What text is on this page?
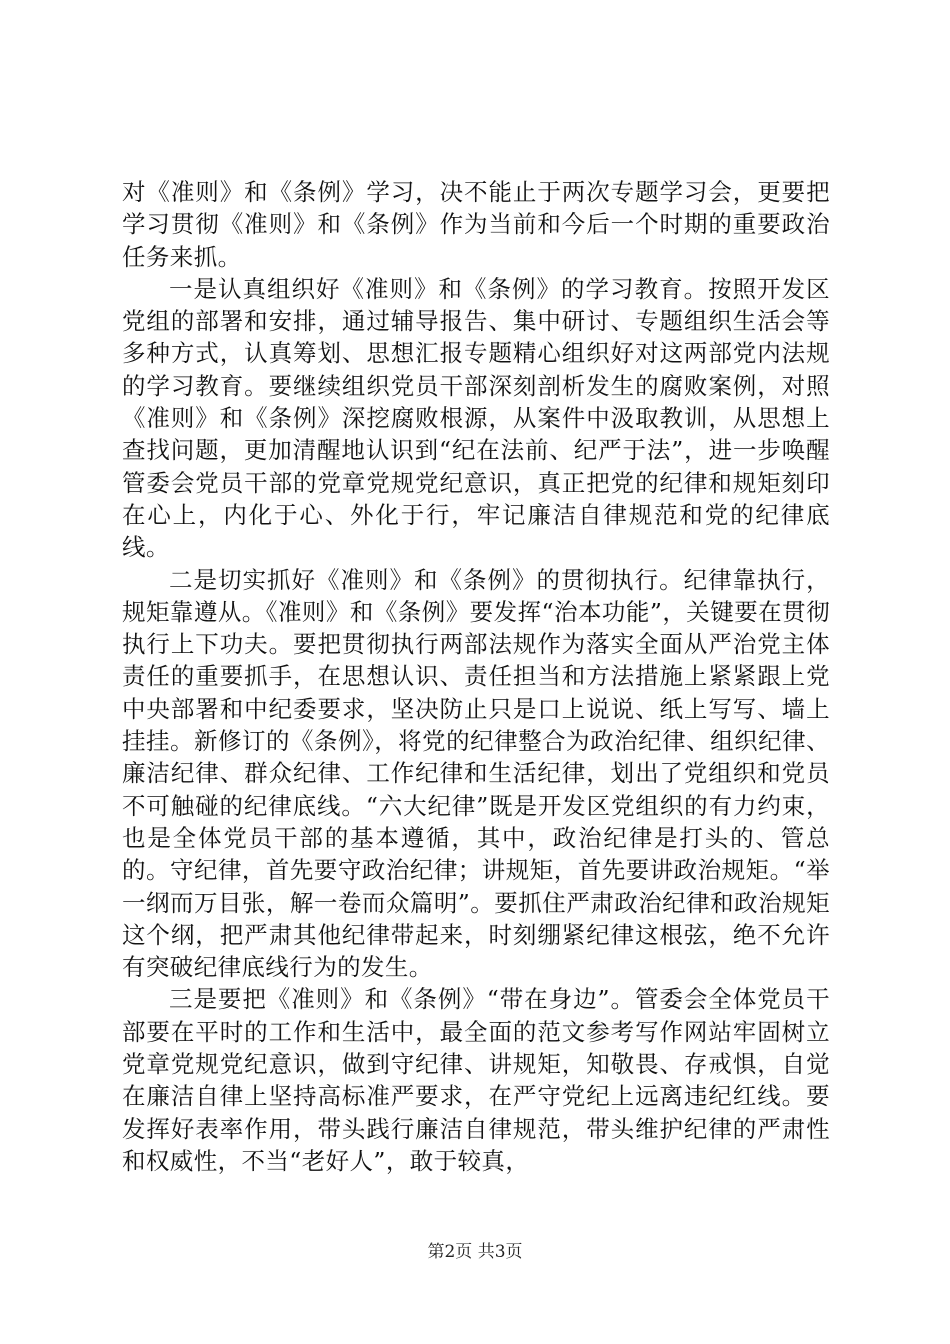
对《准则》和《条例》学习，决不能止于两次专题学习会，更要把学习贯彻《准则》和《条例》作为当前和今后一个时期的重要政治任务来抓。

一是认真组织好《准则》和《条例》的学习教育。按照开发区党组的部署和安排，通过辅导报告、集中研讨、专题组织生活会等多种方式，认真筹划、思想汇报专题精心组织好对这两部党内法规的学习教育。要继续组织党员干部深刻剖析发生的腐败案例，对照《准则》和《条例》深挖腐败根源，从案件中汲取教训，从思想上查找问题，更加清醒地认识到“纪在法前、纪严于法”，进一步唤醒管委会党员干部的党章党规党纪意识，真正把党的纪律和规矩刻印在心上，内化于心、外化于行，牢记廉洁自律规范和党的纪律底线。

二是切实抓好《准则》和《条例》的贯彻执行。纪律靠执行，规矩靠遵从。《准则》和《条例》要发挥“治本功能”，关键要在贯彻执行上下功夫。要把贯彻执行两部法规作为落实全面从严治党主体责任的重要抓手，在思想认识、责任担当和方法措施上紧紧跟上党中央部署和中纪委要求，坚决防止只是口上说说、纸上写写、墙上挂挂。新修订的《条例》，将党的纪律整合为政治纪律、组织纪律、廉洁纪律、群众纪律、工作纪律和生活纪律，划出了党组织和党员不可触碰的纪律底线。“六大纪律”既是开发区党组织的有力约束，也是全体党员干部的基本遵循，其中，政治纪律是打头的、管总的。守纪律，首先要守政治纪律；讲规矩，首先要讲政治规矩。“举一纲而万目张，解一卷而众篇明”。要抓住严肃政治纪律和政治规矩这个纲，把严肃其他纪律带起来，时刻绷紧纪律这根弦，绝不允许有突破纪律底线行为的发生。

三是要把《准则》和《条例》“带在身边”。管委会全体党员干部要在平时的工作和生活中，最全面的范文参考写作网站牢固树立党章党规党纪意识，做到守纪律、讲规矩，知敬畏、存戒惧，自觉在廉洁自律上坚持高标准严要求，在严守党纪上远离违纪红线。要发挥好表率作用，带头践行廉洁自律规范，带头维护纪律的严肃性和权威性，不当“老好人”，敢于较真，

第2页 共3页
